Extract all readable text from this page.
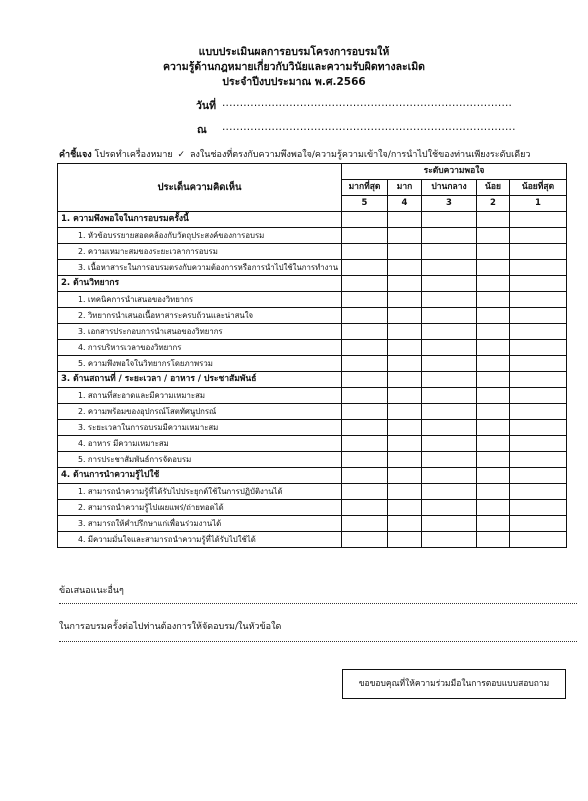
แบบประเมินผลการอบรมโครงการอบรมให้
ความรู้ด้านกฎหมายเกี่ยวกับวินัยและความรับผิดทางละเมิด
ประจำปีงบประมาณ พ.ศ.2566
วันที่ ..................................................................................
ณ ...................................................................................
คำชี้แจง โปรดทำเครื่องหมาย ✓ ลงในช่องที่ตรงกับความพึงพอใจ/ความรู้ความเข้าใจ/การนำไปใช้ของท่านเพียงระดับเดียว
ประเด็นความคิดเห็น	ระดับความพอใจ				
	มากที่สุด	มาก	ปานกลาง	น้อย	น้อยที่สุด
	5	4	3	2	1
1. ความพึงพอใจในการอบรมครั้งนี้					
1. หัวข้อบรรยายสอดคล้องกับวัตถุประสงค์ของการอบรม					
2. ความเหมาะสมของระยะเวลาการอบรม					
3. เนื้อหาสาระในการอบรมตรงกับความต้องการหรือการนำไปใช้ในการทำงาน					
2. ด้านวิทยากร					
1. เทคนิคการนำเสนอของวิทยากร					
2. วิทยากรนำเสนอเนื้อหาสาระครบถ้วนและน่าสนใจ					
3. เอกสารประกอบการนำเสนอของวิทยากร					
4. การบริหารเวลาของวิทยากร					
5. ความพึงพอใจในวิทยากรโดยภาพรวม					
3. ด้านสถานที่ / ระยะเวลา / อาหาร / ประชาสัมพันธ์					
1. สถานที่สะอาดและมีความเหมาะสม					
2. ความพร้อมของอุปกรณ์โสตทัศนูปกรณ์					
3. ระยะเวลาในการอบรมมีความเหมาะสม					
4. อาหาร มีความเหมาะสม					
5. การประชาสัมพันธ์การจัดอบรม					
4. ด้านการนำความรู้ไปใช้					
1. สามารถนำความรู้ที่ได้รับไปประยุกต์ใช้ในการปฏิบัติงานได้					
2. สามารถนำความรู้ไปเผยแพร่/ถ่ายทอดได้					
3. สามารถให้คำปรึกษาแก่เพื่อนร่วมงานได้					
4. มีความมั่นใจและสามารถนำความรู้ที่ได้รับไปใช้ได้					
ข้อเสนอแนะอื่นๆ
ในการอบรมครั้งต่อไปท่านต้องการให้จัดอบรม/ในหัวข้อใด
ขอขอบคุณที่ให้ความร่วมมือในการตอบแบบสอบถาม
